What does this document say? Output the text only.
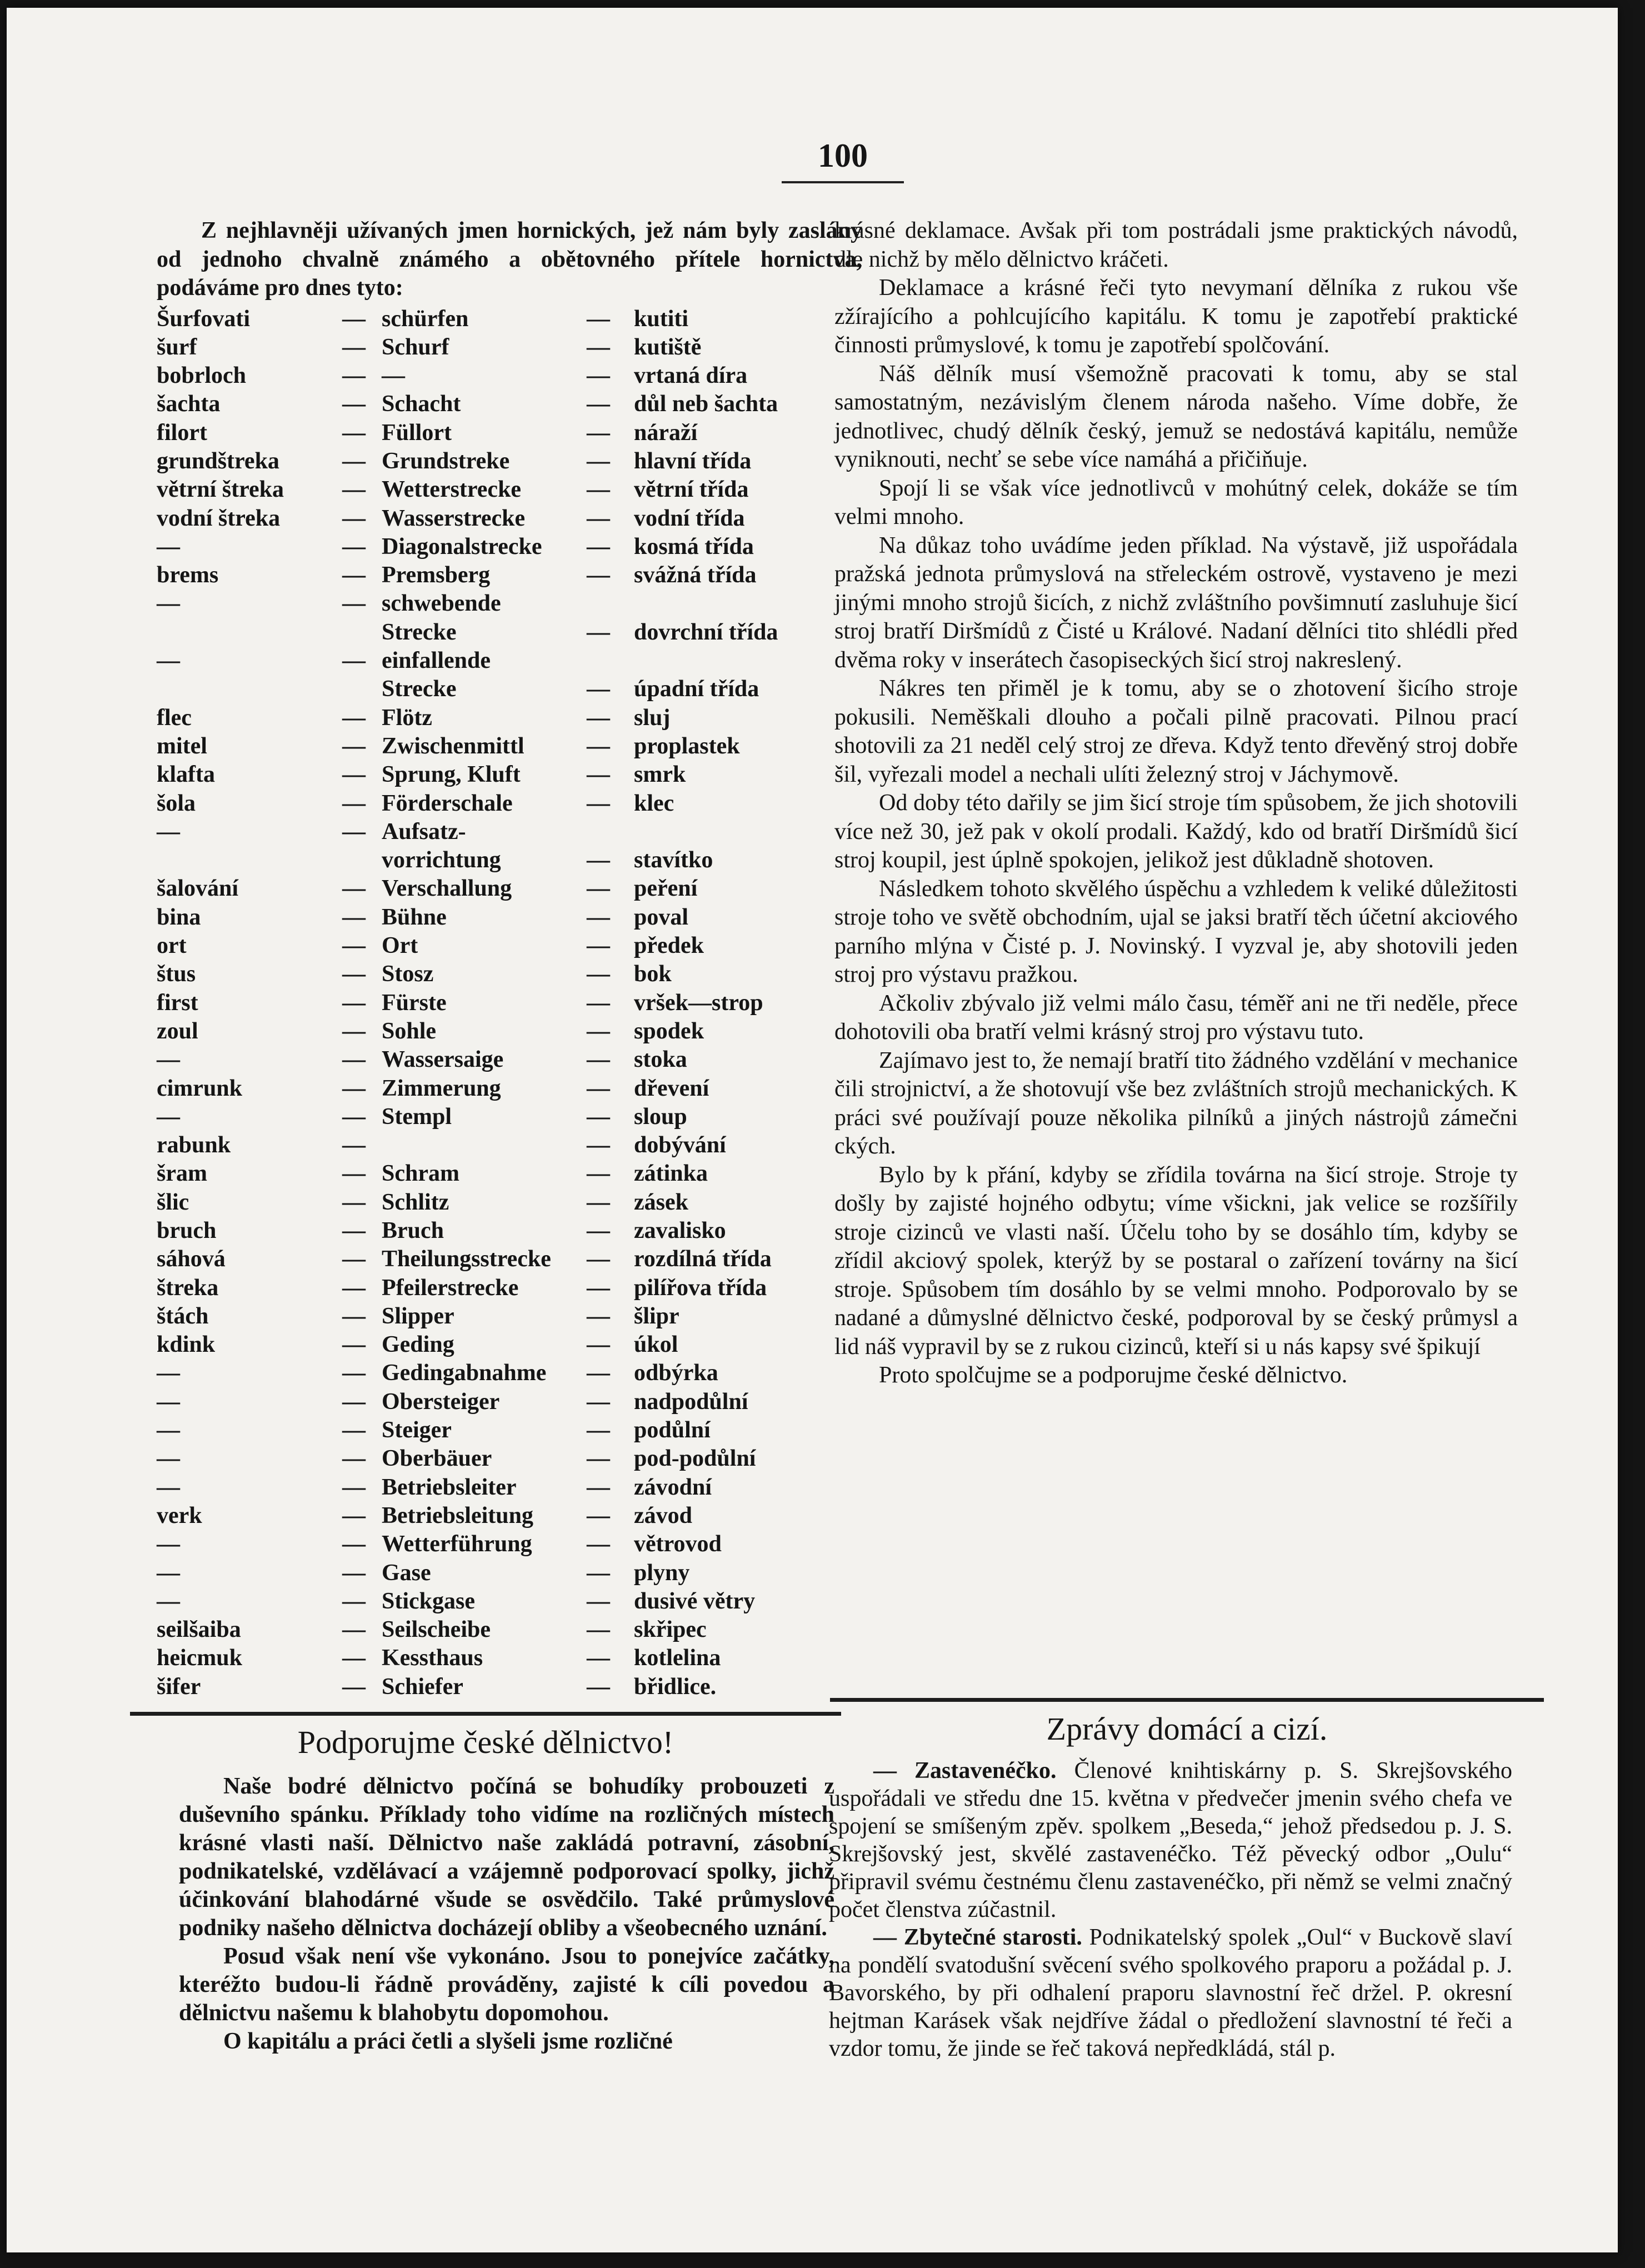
100

Z nejhlavněji užívaných jmen hornických, jež nám byly zaslány od jednoho chvalně známého a obětovného přítele hornictva, podáváme pro dnes tyto:

Šurfovati	—	schürfen	—	kutiti
šurf	—	Schurf	—	kutiště
bobrloch	—	—	—	vrtaná díra
šachta	—	Schacht	—	důl neb šachta
filort	—	Füllort	—	náraží
grundštreka	—	Grundstreke	—	hlavní třída
větrní štreka	—	Wetterstrecke	—	větrní třída
vodní štreka	—	Wasserstrecke	—	vodní třída
—	—	Diagonalstrecke	—	kosmá třída
brems	—	Premsberg	—	svážná třída
—	—	schwebende		
		Strecke	—	dovrchní třída
—	—	einfallende		
		Strecke	—	úpadní třída
flec	—	Flötz	—	sluj
mitel	—	Zwischenmittl	—	proplastek
klafta	—	Sprung, Kluft	—	smrk
šola	—	Förderschale	—	klec
—	—	Aufsatz-		
		vorrichtung	—	stavítko
šalování	—	Verschallung	—	peření
bina	—	Bühne	—	poval
ort	—	Ort	—	předek
štus	—	Stosz	—	bok
first	—	Fürste	—	vršek—strop
zoul	—	Sohle	—	spodek
—	—	Wassersaige	—	stoka
cimrunk	—	Zimmerung	—	dřevení
—	—	Stempl	—	sloup
rabunk	—		—	dobývání
šram	—	Schram	—	zátinka
šlic	—	Schlitz	—	zásek
bruch	—	Bruch	—	zavalisko
sáhová	—	Theilungsstrecke	—	rozdílná třída
štreka	—	Pfeilerstrecke	—	pilířova třída
štách	—	Slipper	—	šlipr
kdink	—	Geding	—	úkol
—	—	Gedingabnahme	—	odbýrka
—	—	Obersteiger	—	nadpodůlní
—	—	Steiger	—	podůlní
—	—	Oberbäuer	—	pod-podůlní
—	—	Betriebsleiter	—	závodní
verk	—	Betriebsleitung	—	závod
—	—	Wetterführung	—	větrovod
—	—	Gase	—	plyny
—	—	Stickgase	—	dusivé větry
seilšaiba	—	Seilscheibe	—	skřipec
heicmuk	—	Kessthaus	—	kotlelina
šifer	—	Schiefer	—	břidlice.

krásné deklamace. Avšak při tom postrádali jsme praktických návodů, dle nichž by mělo dělnictvo kráčeti.

Deklamace a krásné řeči tyto nevymaní dělníka z rukou vše zžírajícího a pohlcujícího kapitálu. K tomu je zapotřebí praktické činnosti průmyslové, k tomu je zapotřebí spolčování.

Náš dělník musí všemožně pracovati k tomu, aby se stal samostatným, nezávislým členem národa našeho. Víme dobře, že jednotlivec, chudý dělník český, jemuž se nedostává kapitálu, nemůže vyniknouti, nechť se sebe více namáhá a přičiňuje.

Spojí li se však více jednotlivců v mohútný celek, dokáže se tím velmi mnoho.

Na důkaz toho uvádíme jeden příklad. Na výstavě, již uspořádala pražská jednota průmyslová na střeleckém ostrově, vystaveno je mezi jinými mnoho strojů šicích, z nichž zvláštního povšimnutí zasluhuje šicí stroj bratří Diršmídů z Čisté u Králové. Nadaní dělníci tito shlédli před dvěma roky v inserátech časopiseckých šicí stroj nakreslený.

Nákres ten přiměl je k tomu, aby se o zhotovení šicího stroje pokusili. Neměškali dlouho a počali pilně pracovati. Pilnou prací shotovili za 21 neděl celý stroj ze dřeva. Když tento dřevěný stroj dobře šil, vyřezali model a nechali ulíti železný stroj v Jáchymově.

Od doby této dařily se jim šicí stroje tím spůsobem, že jich shotovili více než 30, jež pak v okolí prodali. Každý, kdo od bratří Diršmídů šicí stroj koupil, jest úplně spokojen, jelikož jest důkladně shotoven.

Následkem tohoto skvělého úspěchu a vzhledem k veliké důležitosti stroje toho ve světě obchodním, ujal se jaksi bratří těch účetní akciového parního mlýna v Čisté p. J. Novinský. I vyzval je, aby shotovili jeden stroj pro výstavu pražkou.

Ačkoliv zbývalo již velmi málo času, téměř ani ne tři neděle, přece dohotovili oba bratří velmi krásný stroj pro výstavu tuto.

Zajímavo jest to, že nemají bratří tito žádného vzdělání v mechanice čili strojnictví, a že shotovují vše bez zvláštních strojů mechanických. K práci své používají pouze několika pilníků a jiných nástrojů zámečni ckých.

Bylo by k přání, kdyby se zřídila továrna na šicí stroje. Stroje ty došly by zajisté hojného odbytu; víme všickni, jak velice se rozšířily stroje cizinců ve vlasti naší. Účelu toho by se dosáhlo tím, kdyby se zřídil akciový spolek, kterýž by se postaral o zařízení továrny na šicí stroje. Spůsobem tím dosáhlo by se velmi mnoho. Podporovalo by se nadané a důmyslné dělnictvo české, podporoval by se český průmysl a lid náš vypravil by se z rukou cizinců, kteří si u nás kapsy své špikují

Proto spolčujme se a podporujme české dělnictvo.

Podporujme české dělnictvo!	Zprávy domácí a cizí.

Naše bodré dělnictvo počíná se bohudíky probouzeti z duševního spánku. Příklady toho vidíme na rozličných místech krásné vlasti naší. Dělnictvo naše zakládá potravní, zásobní, podnikatelské, vzdělávací a vzájemně podporovací spolky, jichž účinkování blahodárné všude se osvědčilo. Také průmyslové podniky našeho dělnictva docházejí obliby a všeobecného uznání.

Posud však není vše vykonáno. Jsou to ponejvíce začátky, kteréžto budou-li řádně prováděny, zajisté k cíli povedou a dělnictvu našemu k blahobytu dopomohou.

O kapitálu a práci četli a slyšeli jsme rozličné

— Zastavenéčko. Členové knihtiskárny p. S. Skrejšovského uspořádali ve středu dne 15. května v předvečer jmenin svého chefa ve spojení se smíšeným zpěv. spolkem „Beseda,“ jehož předsedou p. J. S. Skrejšovský jest, skvělé zastavenéčko. Též pěvecký odbor „Oulu“ připravil svému čestnému členu zastavenéčko, při němž se velmi značný počet členstva zúčastnil.

— Zbytečné starosti. Podnikatelský spolek „Oul“ v Buckově slaví na pondělí svatodušní svěcení svého spolkového praporu a požádal p. J. Bavorského, by při odhalení praporu slavnostní řeč držel. P. okresní hejtman Karásek však nejdříve žádal o předložení slavnostní té řeči a vzdor tomu, že jinde se řeč taková nepředkládá, stál p.
